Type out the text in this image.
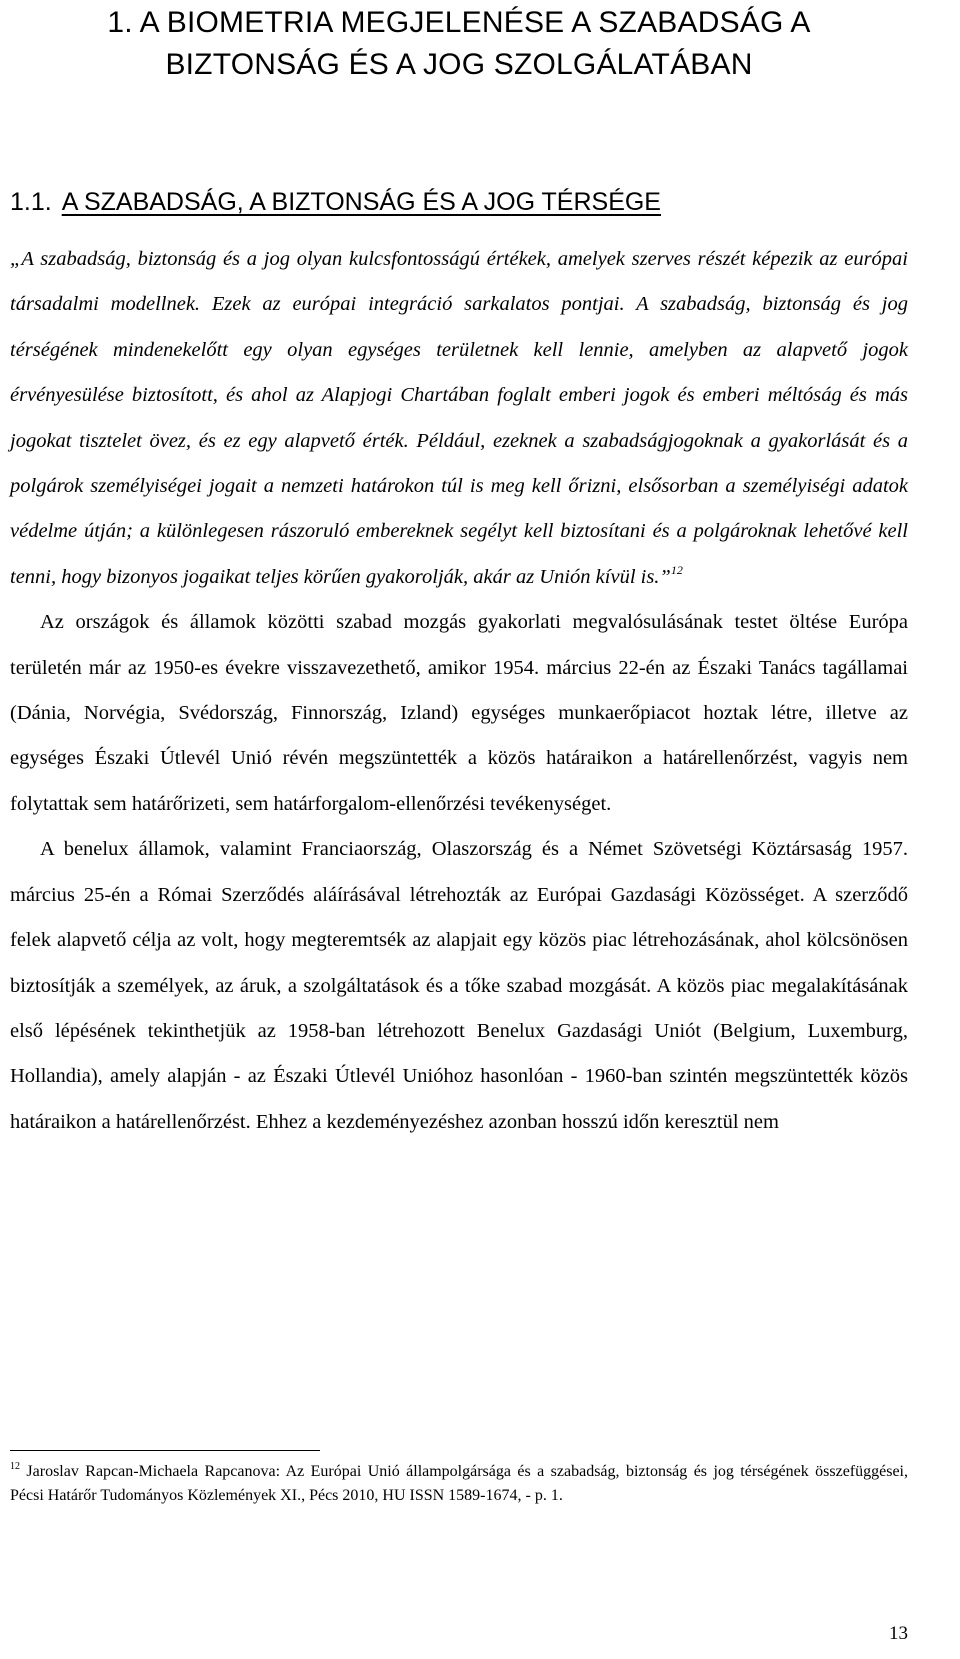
1. A BIOMETRIA MEGJELENÉSE A SZABADSÁG A
BIZTONSÁG ÉS A JOG SZOLGÁLATÁBAN
1.1. A SZABADSÁG, A BIZTONSÁG ÉS A JOG TÉRSÉGE

„A szabadság, biztonság és a jog olyan kulcsfontosságú értékek, amelyek szerves részét képezik az európai társadalmi modellnek. Ezek az európai integráció sarkalatos pontjai. A szabadság, biztonság és jog térségének mindenekelőtt egy olyan egységes területnek kell lennie, amelyben az alapvető jogok érvényesülése biztosított, és ahol az Alapjogi Chartában foglalt emberi jogok és emberi méltóság és más jogokat tisztelet övez, és ez egy alapvető érték. Például, ezeknek a szabadságjogoknak a gyakorlását és a polgárok személyiségei jogait a nemzeti határokon túl is meg kell őrizni, elsősorban a személyiségi adatok védelme útján; a különlegesen rászoruló embereknek segélyt kell biztosítani és a polgároknak lehetővé kell tenni, hogy bizonyos jogaikat teljes körűen gyakorolják, akár az Unión kívül is.”$^{12}$

Az országok és államok közötti szabad mozgás gyakorlati megvalósulásának testet öltése Európa területén már az 1950-es évekre visszavezethető, amikor 1954. március 22-én az Északi Tanács tagállamai (Dánia, Norvégia, Svédország, Finnország, Izland) egységes munkaerőpiacot hoztak létre, illetve az egységes Északi Útlevél Unió révén megszüntették a közös határaikon a határellenőrzést, vagyis nem folytattak sem határőrizeti, sem határforgalom-ellenőrzési tevékenységet.

A benelux államok, valamint Franciaország, Olaszország és a Német Szövetségi Köztársaság 1957. március 25-én a Római Szerződés aláírásával létrehozták az Európai Gazdasági Közösséget. A szerződő felek alapvető célja az volt, hogy megteremtsék az alapjait egy közös piac létrehozásának, ahol kölcsönösen biztosítják a személyek, az áruk, a szolgáltatások és a tőke szabad mozgását. A közös piac megalakításának első lépésének tekinthetjük az 1958-ban létrehozott Benelux Gazdasági Uniót (Belgium, Luxemburg, Hollandia), amely alapján - az Északi Útlevél Unióhoz hasonlóan - 1960-ban szintén megszüntették közös határaikon a határellenőrzést. Ehhez a kezdeményezéshez azonban hosszú időn keresztül nem

$^{12}$ Jaroslav Rapcan-Michaela Rapcanova: Az Európai Unió állampolgársága és a szabadság, biztonság és jog térségének összefüggései, Pécsi Határőr Tudományos Közlemények XI., Pécs 2010, HU ISSN 1589-1674, - p. 1.
13
